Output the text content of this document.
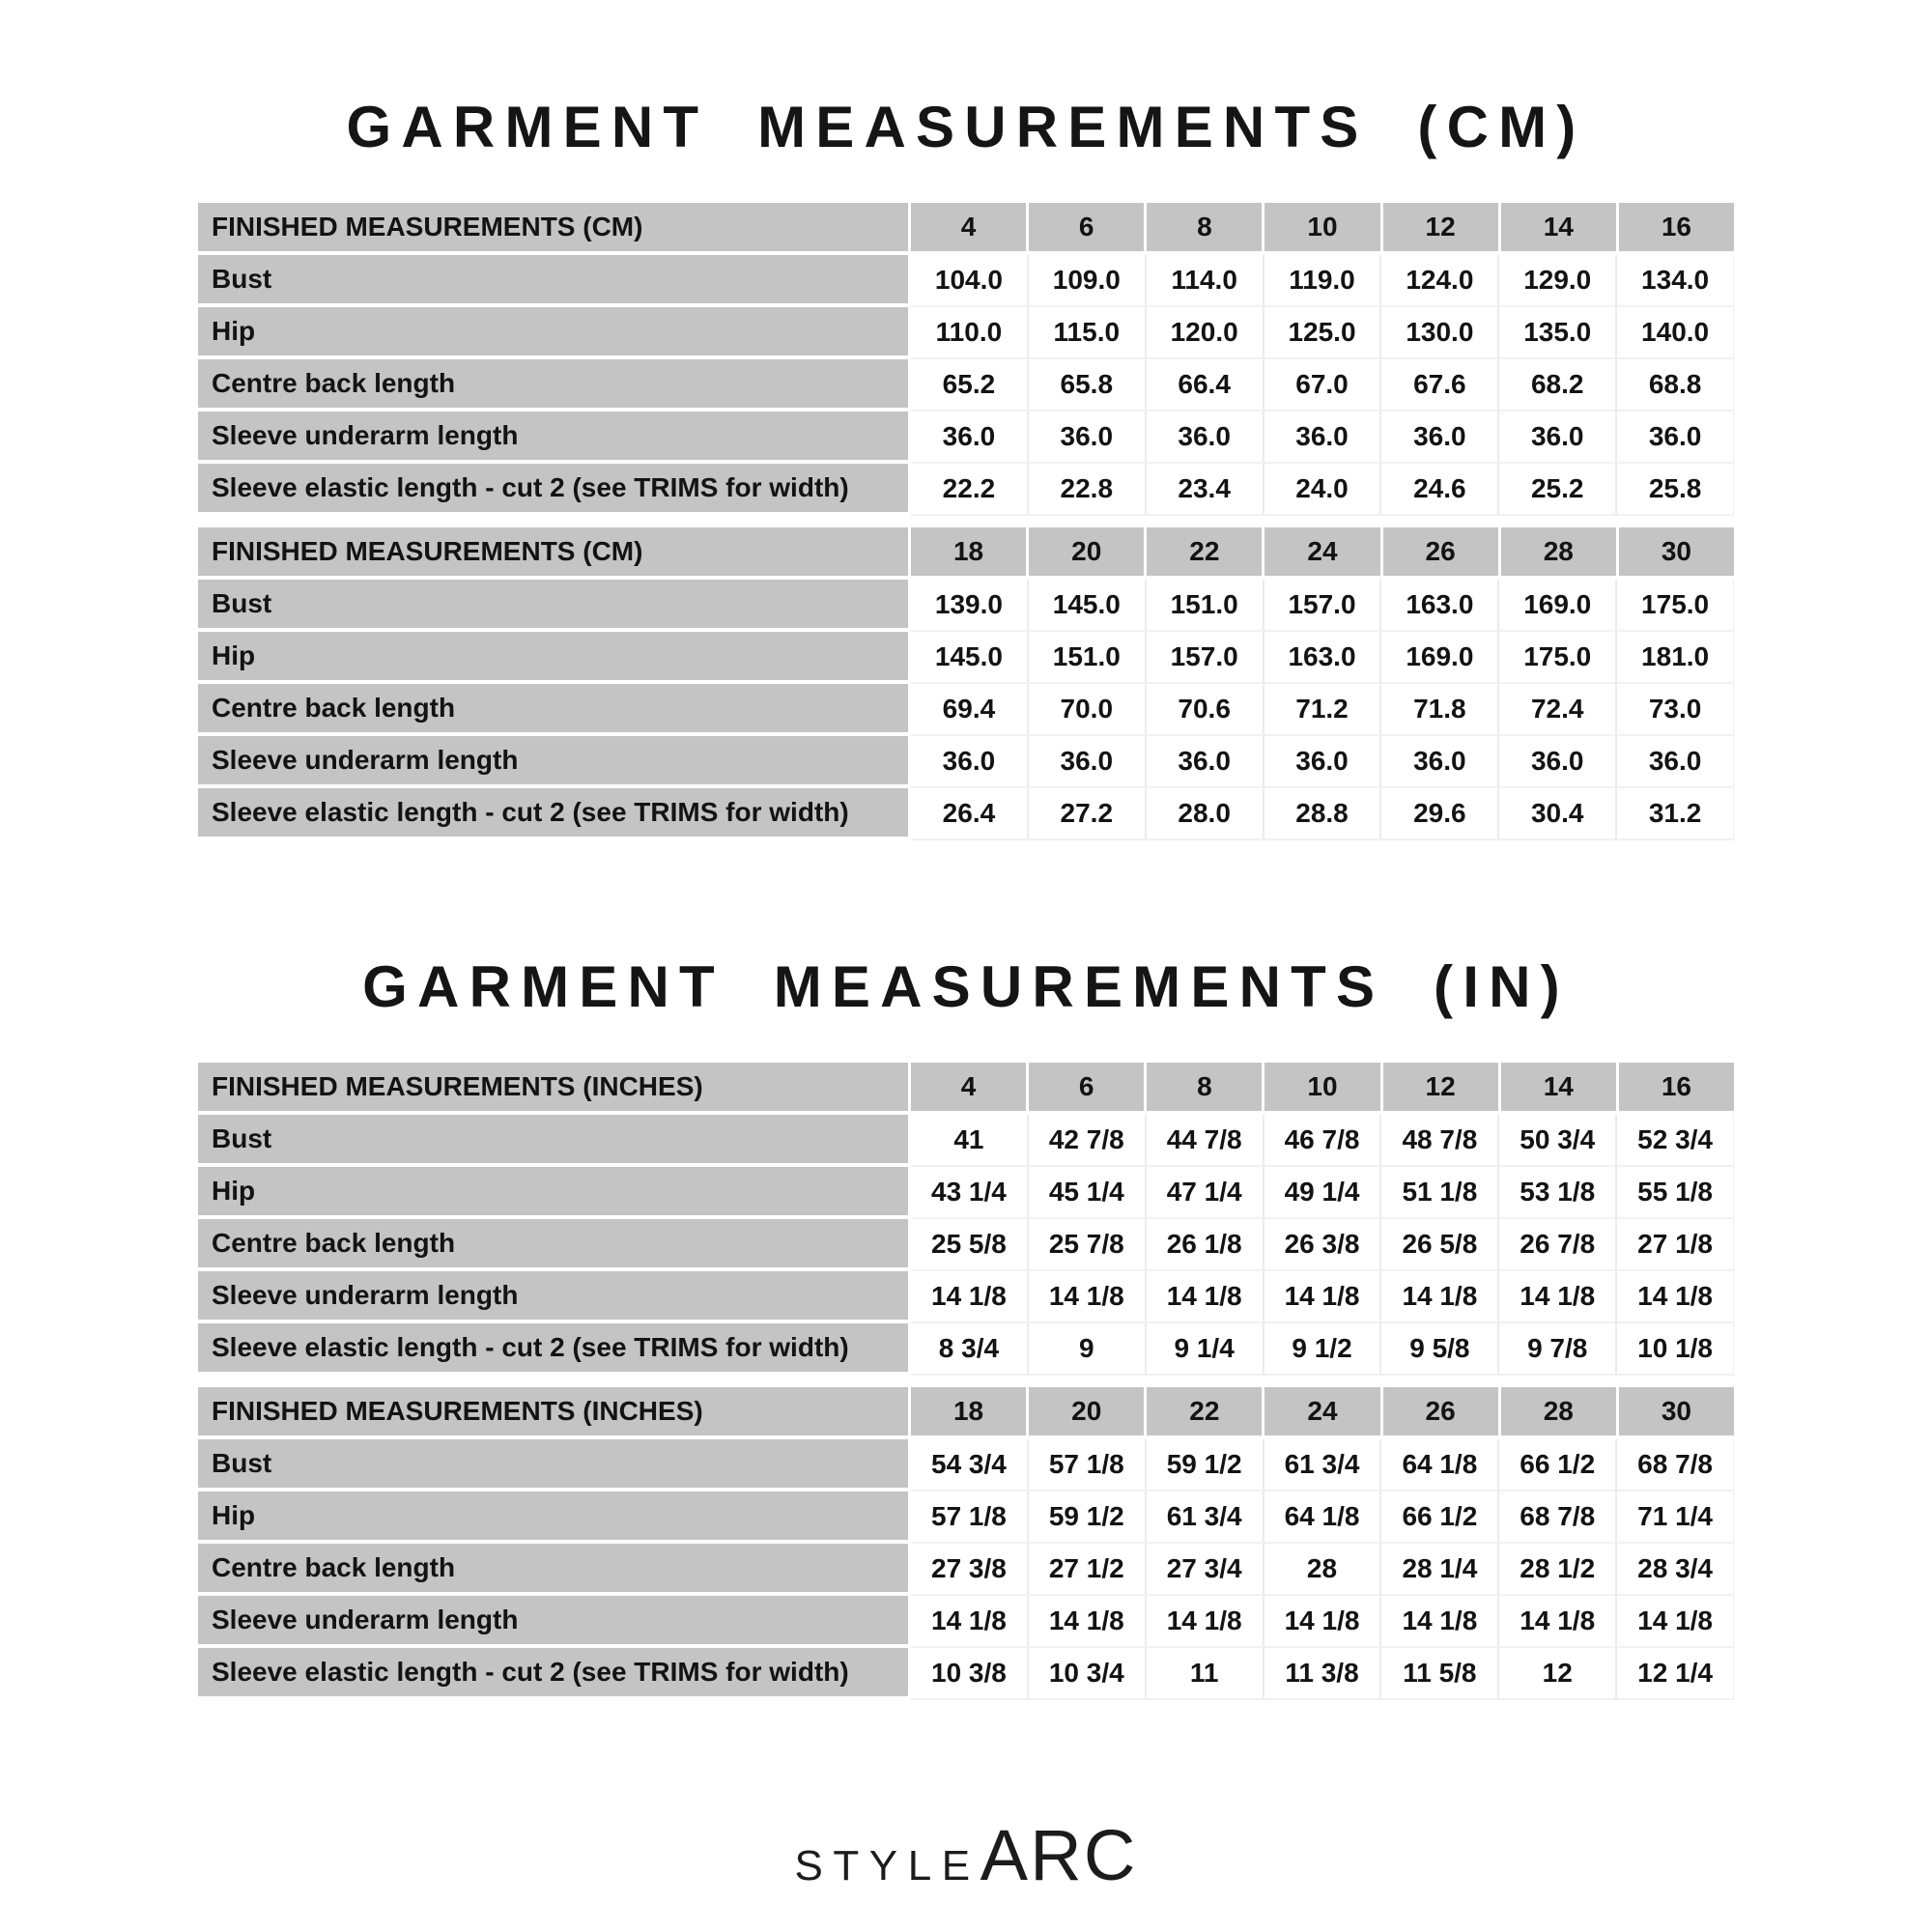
GARMENT MEASUREMENTS (CM)
FINISHED MEASUREMENTS (CM)	4	6	8	10	12	14	16
Bust	104.0	109.0	114.0	119.0	124.0	129.0	134.0
Hip	110.0	115.0	120.0	125.0	130.0	135.0	140.0
Centre back length	65.2	65.8	66.4	67.0	67.6	68.2	68.8
Sleeve underarm length	36.0	36.0	36.0	36.0	36.0	36.0	36.0
Sleeve elastic length - cut 2 (see TRIMS for width)	22.2	22.8	23.4	24.0	24.6	25.2	25.8
FINISHED MEASUREMENTS (CM)	18	20	22	24	26	28	30
Bust	139.0	145.0	151.0	157.0	163.0	169.0	175.0
Hip	145.0	151.0	157.0	163.0	169.0	175.0	181.0
Centre back length	69.4	70.0	70.6	71.2	71.8	72.4	73.0
Sleeve underarm length	36.0	36.0	36.0	36.0	36.0	36.0	36.0
Sleeve elastic length - cut 2 (see TRIMS for width)	26.4	27.2	28.0	28.8	29.6	30.4	31.2
GARMENT MEASUREMENTS (IN)
FINISHED MEASUREMENTS (INCHES)	4	6	8	10	12	14	16
Bust	41	42 7/8	44 7/8	46 7/8	48 7/8	50 3/4	52 3/4
Hip	43 1/4	45 1/4	47 1/4	49 1/4	51 1/8	53 1/8	55 1/8
Centre back length	25 5/8	25 7/8	26 1/8	26 3/8	26 5/8	26 7/8	27 1/8
Sleeve underarm length	14 1/8	14 1/8	14 1/8	14 1/8	14 1/8	14 1/8	14 1/8
Sleeve elastic length - cut 2 (see TRIMS for width)	8 3/4	9	9 1/4	9 1/2	9 5/8	9 7/8	10 1/8
FINISHED MEASUREMENTS (INCHES)	18	20	22	24	26	28	30
Bust	54 3/4	57 1/8	59 1/2	61 3/4	64 1/8	66 1/2	68 7/8
Hip	57 1/8	59 1/2	61 3/4	64 1/8	66 1/2	68 7/8	71 1/4
Centre back length	27 3/8	27 1/2	27 3/4	28	28 1/4	28 1/2	28 3/4
Sleeve underarm length	14 1/8	14 1/8	14 1/8	14 1/8	14 1/8	14 1/8	14 1/8
Sleeve elastic length - cut 2 (see TRIMS for width)	10 3/8	10 3/4	11	11 3/8	11 5/8	12	12 1/4
STYLE ARC
